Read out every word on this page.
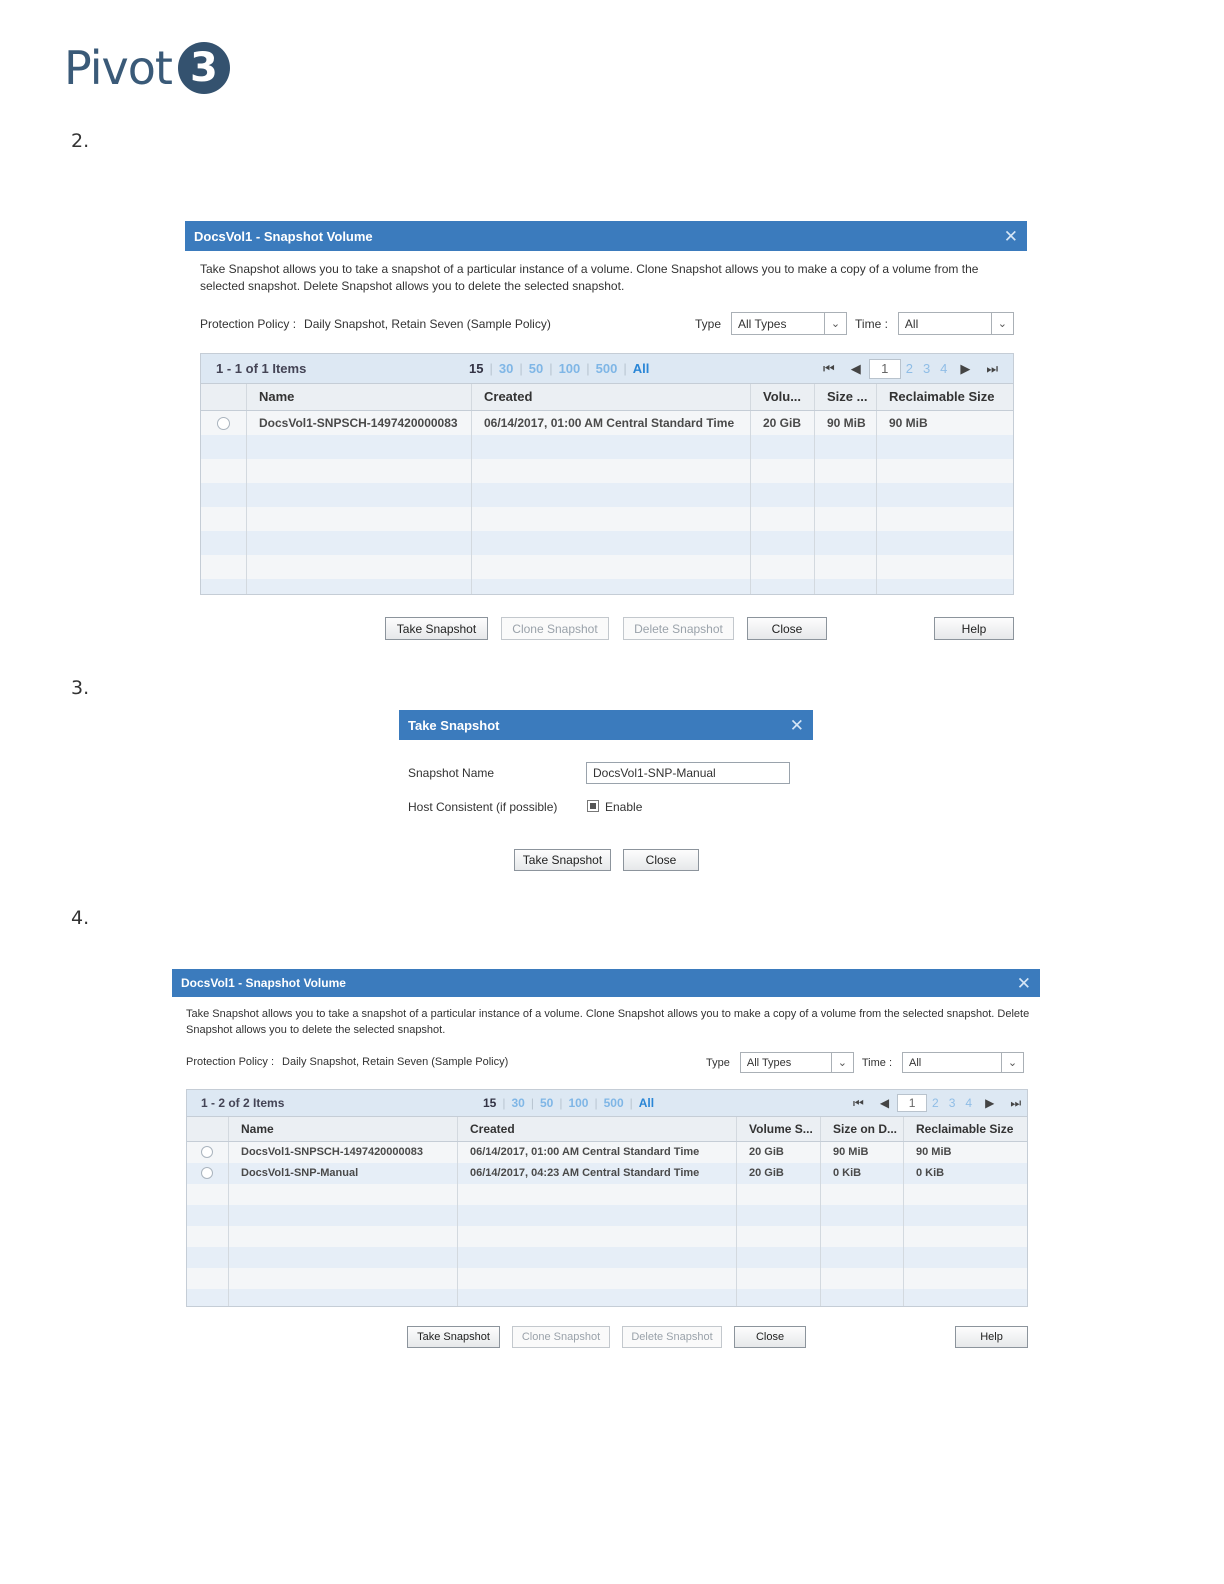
Pivot 3
2.
3.
4.
DocsVol1 - Snapshot Volume	✕
Take Snapshot allows you to take a snapshot of a particular instance of a volume. Clone Snapshot allows you to make a copy of a volume from the
selected snapshot. Delete Snapshot allows you to delete the selected snapshot.
Protection Policy : Daily Snapshot, Retain Seven (Sample Policy)	Type All Types	⌄	Time : All	⌄
1 - 1 of 1 Items	15 | 30 | 50 | 100 | 500 | All	⏮ ◀	1	2 3 4 ▶ ⏭
Name	Created	Volu...	Size ...	Reclaimable Size
DocsVol1-SNPSCH-1497420000083	06/14/2017, 01:00 AM Central Standard Time	20 GiB	90 MiB	90 MiB
Take Snapshot	Clone Snapshot	Delete Snapshot	Close	Help
Take Snapshot	✕
Snapshot Name	DocsVol1-SNP-Manual
Host Consistent (if possible)	Enable
Take Snapshot	Close
DocsVol1 - Snapshot Volume	✕
Take Snapshot allows you to take a snapshot of a particular instance of a volume. Clone Snapshot allows you to make a copy of a volume from the selected snapshot. Delete
Snapshot allows you to delete the selected snapshot.
Protection Policy : Daily Snapshot, Retain Seven (Sample Policy)	Type All Types	⌄	Time : All	⌄
1 - 2 of 2 Items	15 | 30 | 50 | 100 | 500 | All	⏮ ◀	1	2 3 4 ▶ ⏭
Name	Created	Volume S...	Size on D...	Reclaimable Size
DocsVol1-SNPSCH-1497420000083	06/14/2017, 01:00 AM Central Standard Time	20 GiB	90 MiB	90 MiB
DocsVol1-SNP-Manual	06/14/2017, 04:23 AM Central Standard Time	20 GiB	0 KiB	0 KiB
Take Snapshot	Clone Snapshot	Delete Snapshot	Close	Help
